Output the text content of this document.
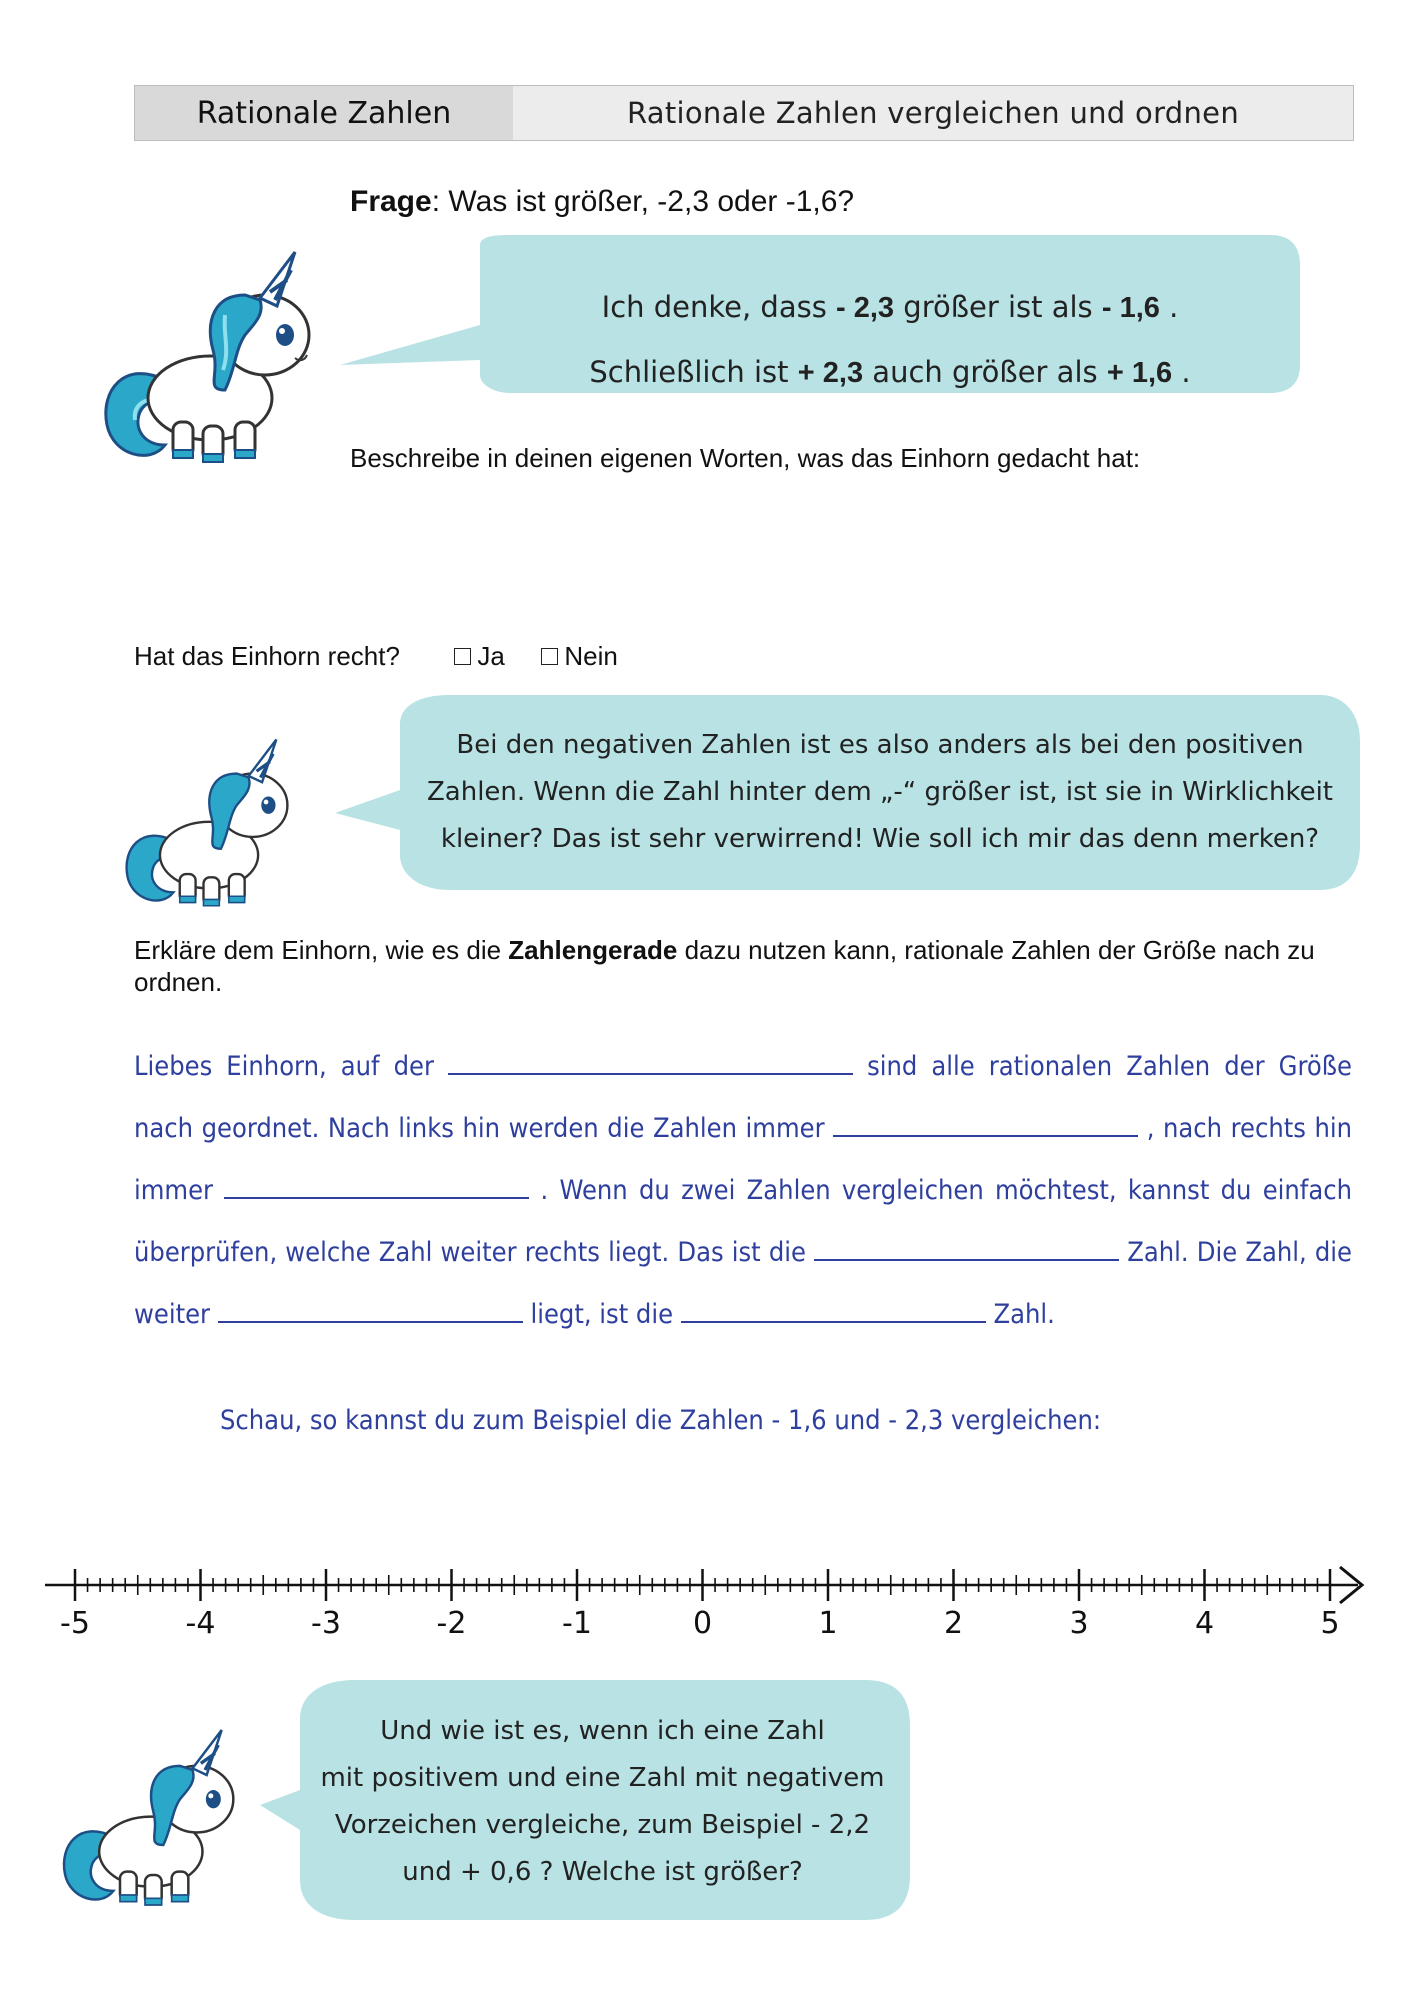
Rationale Zahlen	Rationale Zahlen vergleichen und ordnen
Frage: Was ist größer, -2,3 oder -1,6?
Ich denke, dass - 2,3 größer ist als - 1,6 .
Schließlich ist + 2,3 auch größer als + 1,6 .
Beschreibe in deinen eigenen Worten, was das Einhorn gedacht hat:
Hat das Einhorn recht?	Ja Nein
Bei den negativen Zahlen ist es also anders als bei den positiven
Zahlen. Wenn die Zahl hinter dem „-“ größer ist, ist sie in Wirklichkeit
kleiner? Das ist sehr verwirrend! Wie soll ich mir das denn merken?
Erkläre dem Einhorn, wie es die Zahlengerade dazu nutzen kann, rationale Zahlen der Größe nach zu ordnen.
Liebes Einhorn, auf der	sind alle rationalen Zahlen der Größe nach geordnet. Nach links hin werden die Zahlen immer	, nach rechts hin immer	. Wenn du zwei Zahlen vergleichen möchtest, kannst du einfach überprüfen, welche Zahl weiter rechts liegt. Das ist die	Zahl. Die Zahl, die weiter	liegt, ist die	Zahl.
Schau, so kannst du zum Beispiel die Zahlen - 1,6 und - 2,3 vergleichen:
-5	-4	-3	-2	-1	0	1	2	3	4	5
Und wie ist es, wenn ich eine Zahl
mit positivem und eine Zahl mit negativem
Vorzeichen vergleiche, zum Beispiel - 2,2
und + 0,6 ? Welche ist größer?
